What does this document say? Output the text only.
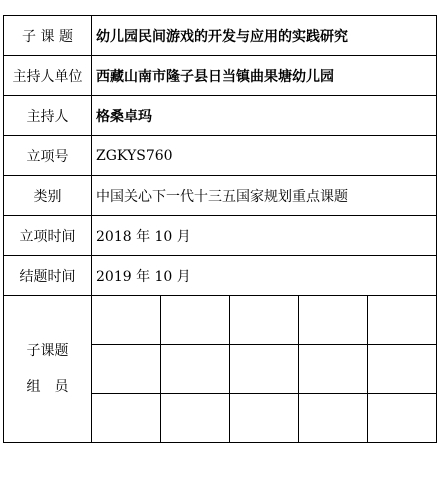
子 课 题	幼儿园民间游戏的开发与应用的实践研究				
主持人单位	西藏山南市隆子县日当镇曲果塘幼儿园				
主持人	格桑卓玛				
立项号	ZGKYS760				
类别	中国关心下一代十三五国家规划重点课题				
立项时间	2018 年 10 月				
结题时间	2019 年 10 月				

子课题
组　员					
